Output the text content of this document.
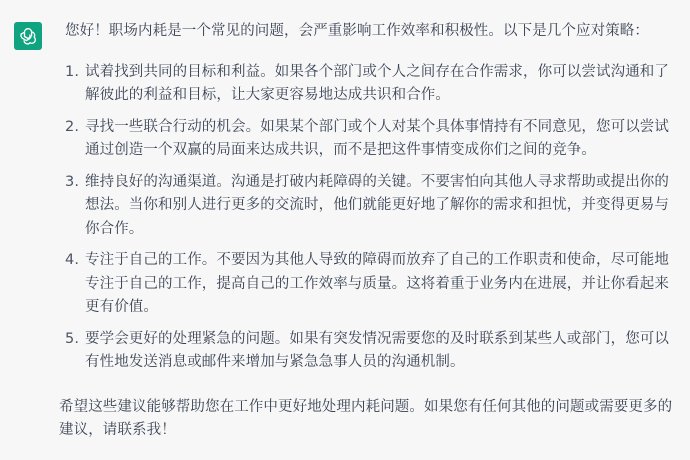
您好！职场内耗是一个常见的问题，会严重影响工作效率和积极性。以下是几个应对策略：

1. 试着找到共同的目标和利益。如果各个部门或个人之间存在合作需求，你可以尝试沟通和了解彼此的利益和目标，让大家更容易地达成共识和合作。
2. 寻找一些联合行动的机会。如果某个部门或个人对某个具体事情持有不同意见，您可以尝试通过创造一个双赢的局面来达成共识，而不是把这件事情变成你们之间的竞争。
3. 维持良好的沟通渠道。沟通是打破内耗障碍的关键。不要害怕向其他人寻求帮助或提出你的想法。当你和别人进行更多的交流时，他们就能更好地了解你的需求和担忧，并变得更易与你合作。
4. 专注于自己的工作。不要因为其他人导致的障碍而放弃了自己的工作职责和使命，尽可能地专注于自己的工作，提高自己的工作效率与质量。这将着重于业务内在进展，并让你看起来更有价值。
5. 要学会更好的处理紧急的问题。如果有突发情况需要您的及时联系到某些人或部门，您可以有性地发送消息或邮件来增加与紧急急事人员的沟通机制。

希望这些建议能够帮助您在工作中更好地处理内耗问题。如果您有任何其他的问题或需要更多的建议，请联系我！
